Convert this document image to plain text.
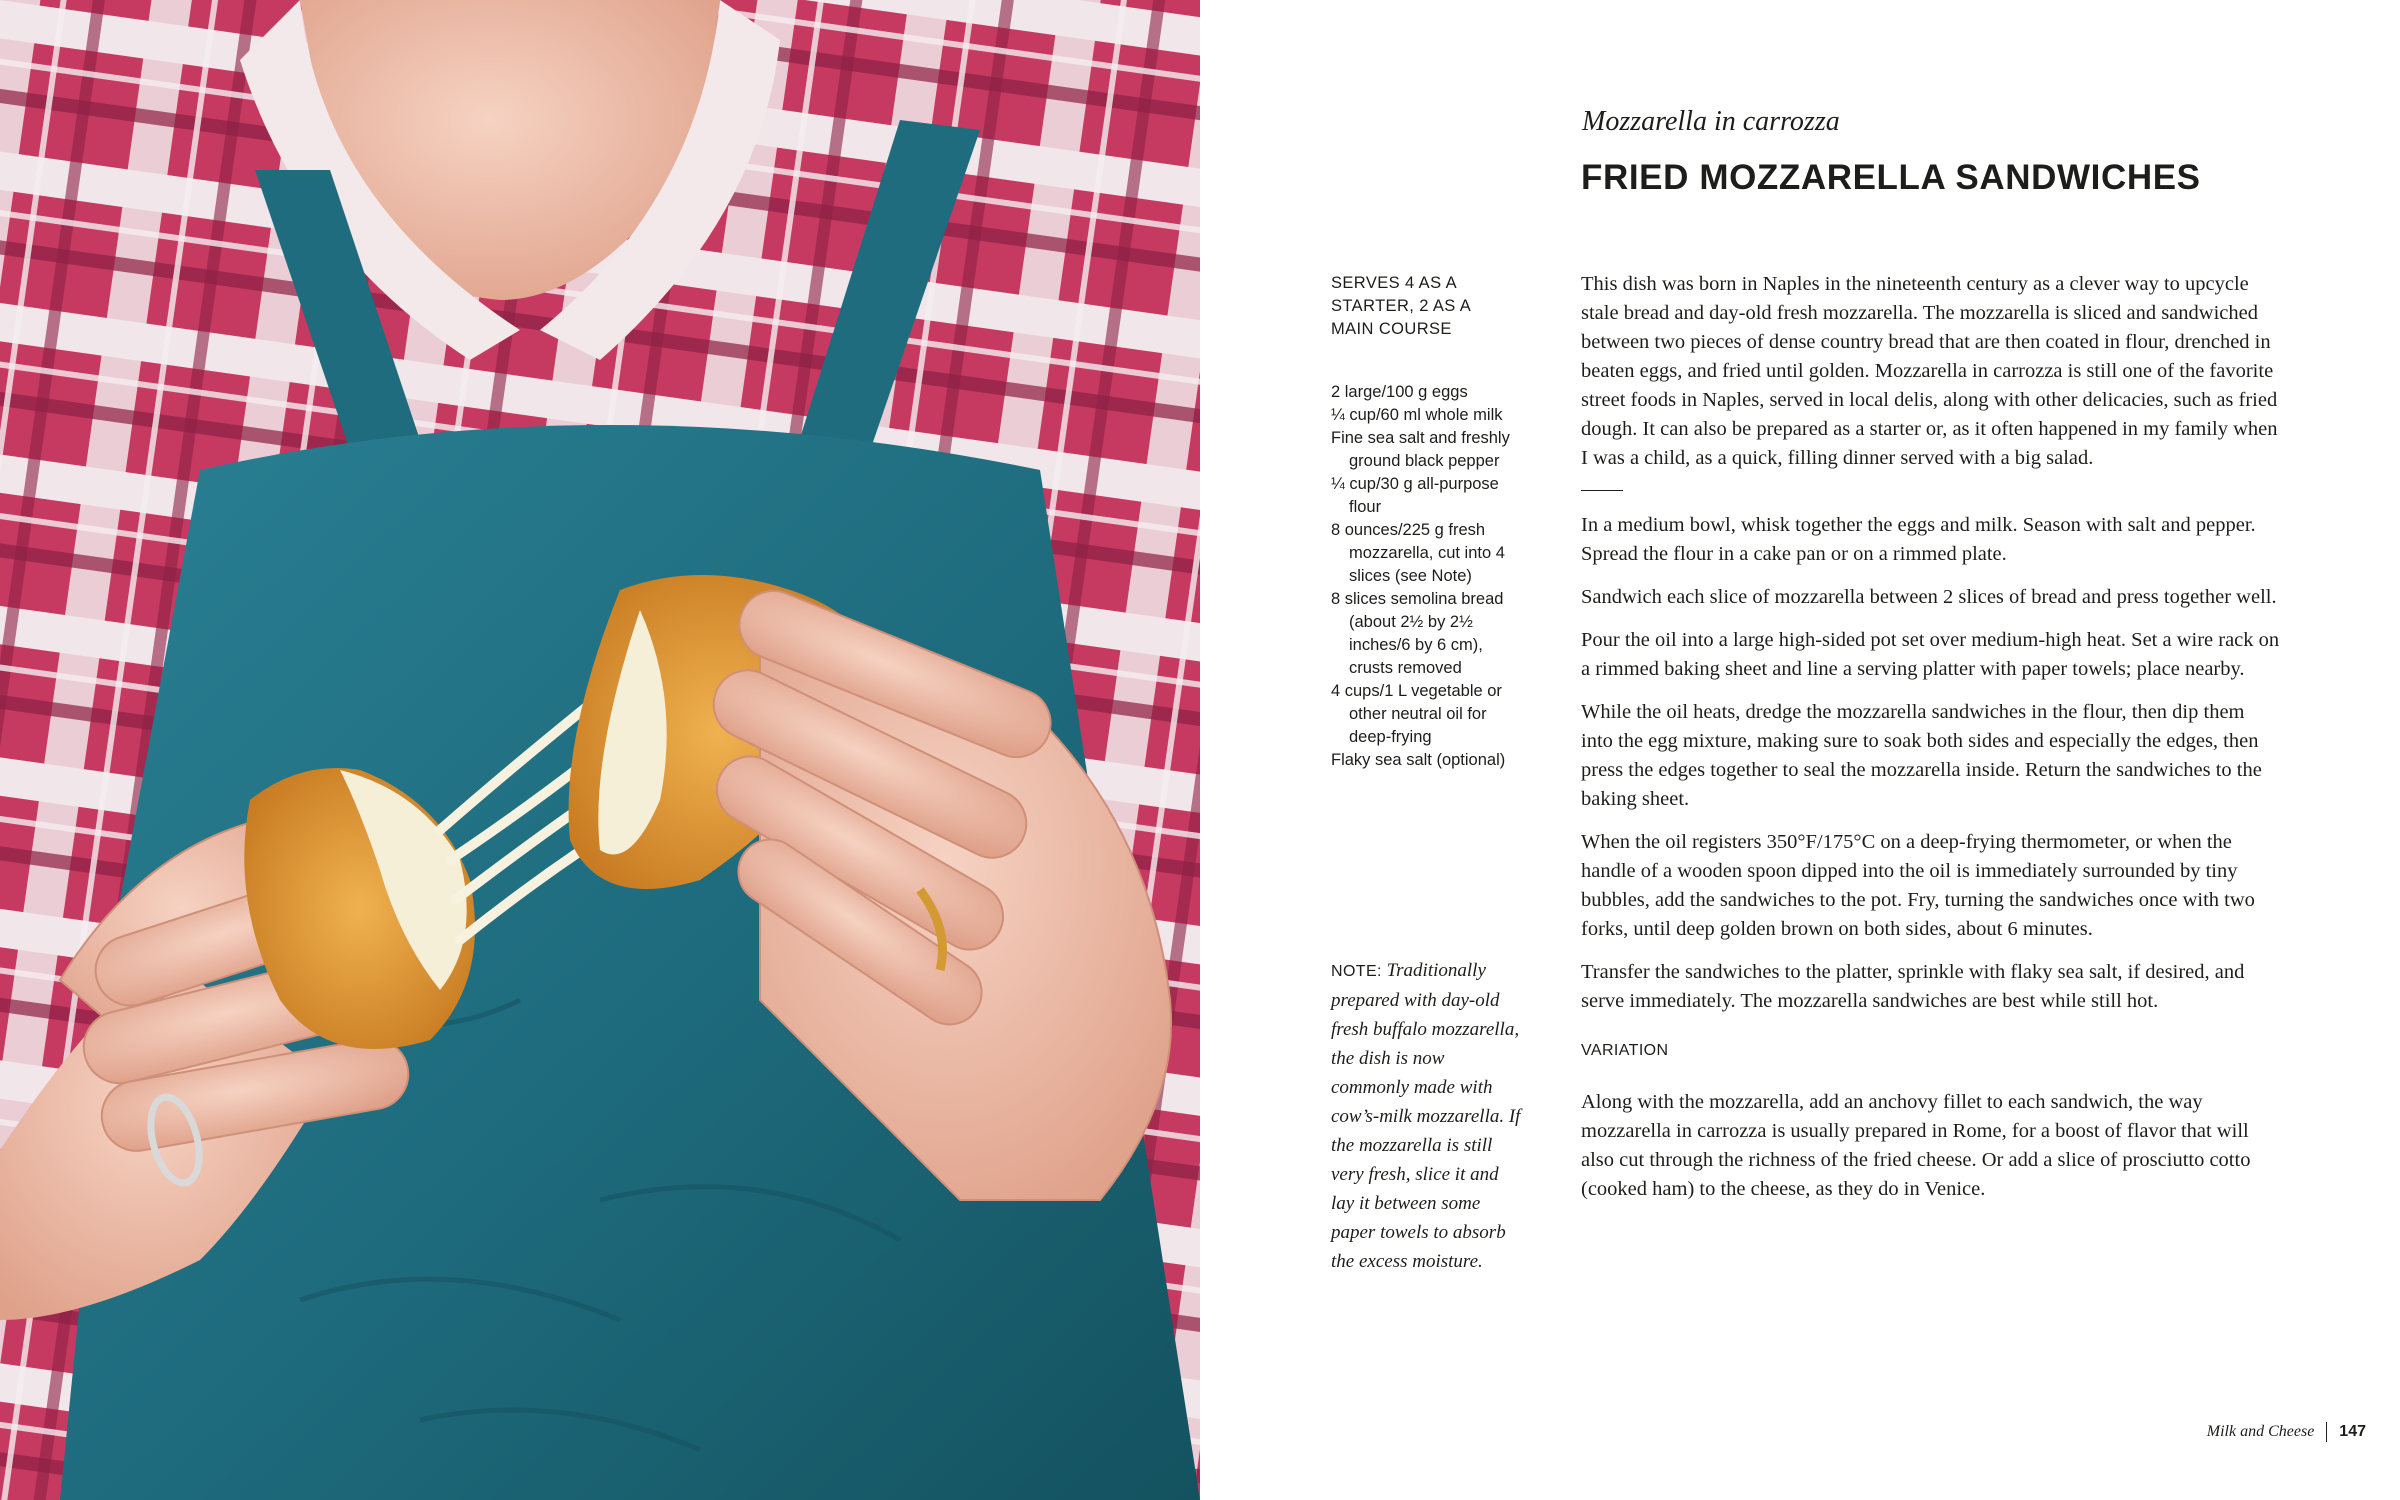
Mozzarella in carrozza

FRIED MOZZARELLA SANDWICHES

SERVES 4 AS A STARTER, 2 AS A MAIN COURSE

2 large/100 g eggs
¼ cup/60 ml whole milk
Fine sea salt and freshly ground black pepper
¼ cup/30 g all-purpose flour
8 ounces/225 g fresh mozzarella, cut into 4 slices (see Note)
8 slices semolina bread (about 2½ by 2½ inches/6 by 6 cm), crusts removed
4 cups/1 L vegetable or other neutral oil for deep-frying
Flaky sea salt (optional)

NOTE: Traditionally prepared with day-old fresh buffalo mozzarella, the dish is now commonly made with cow’s-milk mozzarella. If the mozzarella is still very fresh, slice it and lay it between some paper towels to absorb the excess moisture.

This dish was born in Naples in the nineteenth century as a clever way to upcycle stale bread and day-old fresh mozzarella. The mozzarella is sliced and sandwiched between two pieces of dense country bread that are then coated in flour, drenched in beaten eggs, and fried until golden. Mozzarella in carrozza is still one of the favorite street foods in Naples, served in local delis, along with other delicacies, such as fried dough. It can also be prepared as a starter or, as it often happened in my family when I was a child, as a quick, filling dinner served with a big salad.

In a medium bowl, whisk together the eggs and milk. Season with salt and pepper. Spread the flour in a cake pan or on a rimmed plate.

Sandwich each slice of mozzarella between 2 slices of bread and press together well.

Pour the oil into a large high-sided pot set over medium-high heat. Set a wire rack on a rimmed baking sheet and line a serving platter with paper towels; place nearby.

While the oil heats, dredge the mozzarella sandwiches in the flour, then dip them into the egg mixture, making sure to soak both sides and especially the edges, then press the edges together to seal the mozzarella inside. Return the sandwiches to the baking sheet.

When the oil registers 350°F/175°C on a deep-frying thermometer, or when the handle of a wooden spoon dipped into the oil is immediately surrounded by tiny bubbles, add the sandwiches to the pot. Fry, turning the sandwiches once with two forks, until deep golden brown on both sides, about 6 minutes.

Transfer the sandwiches to the platter, sprinkle with flaky sea salt, if desired, and serve immediately. The mozzarella sandwiches are best while still hot.

VARIATION

Along with the mozzarella, add an anchovy fillet to each sandwich, the way mozzarella in carrozza is usually prepared in Rome, for a boost of flavor that will also cut through the richness of the fried cheese. Or add a slice of prosciutto cotto (cooked ham) to the cheese, as they do in Venice.

Milk and Cheese 147
